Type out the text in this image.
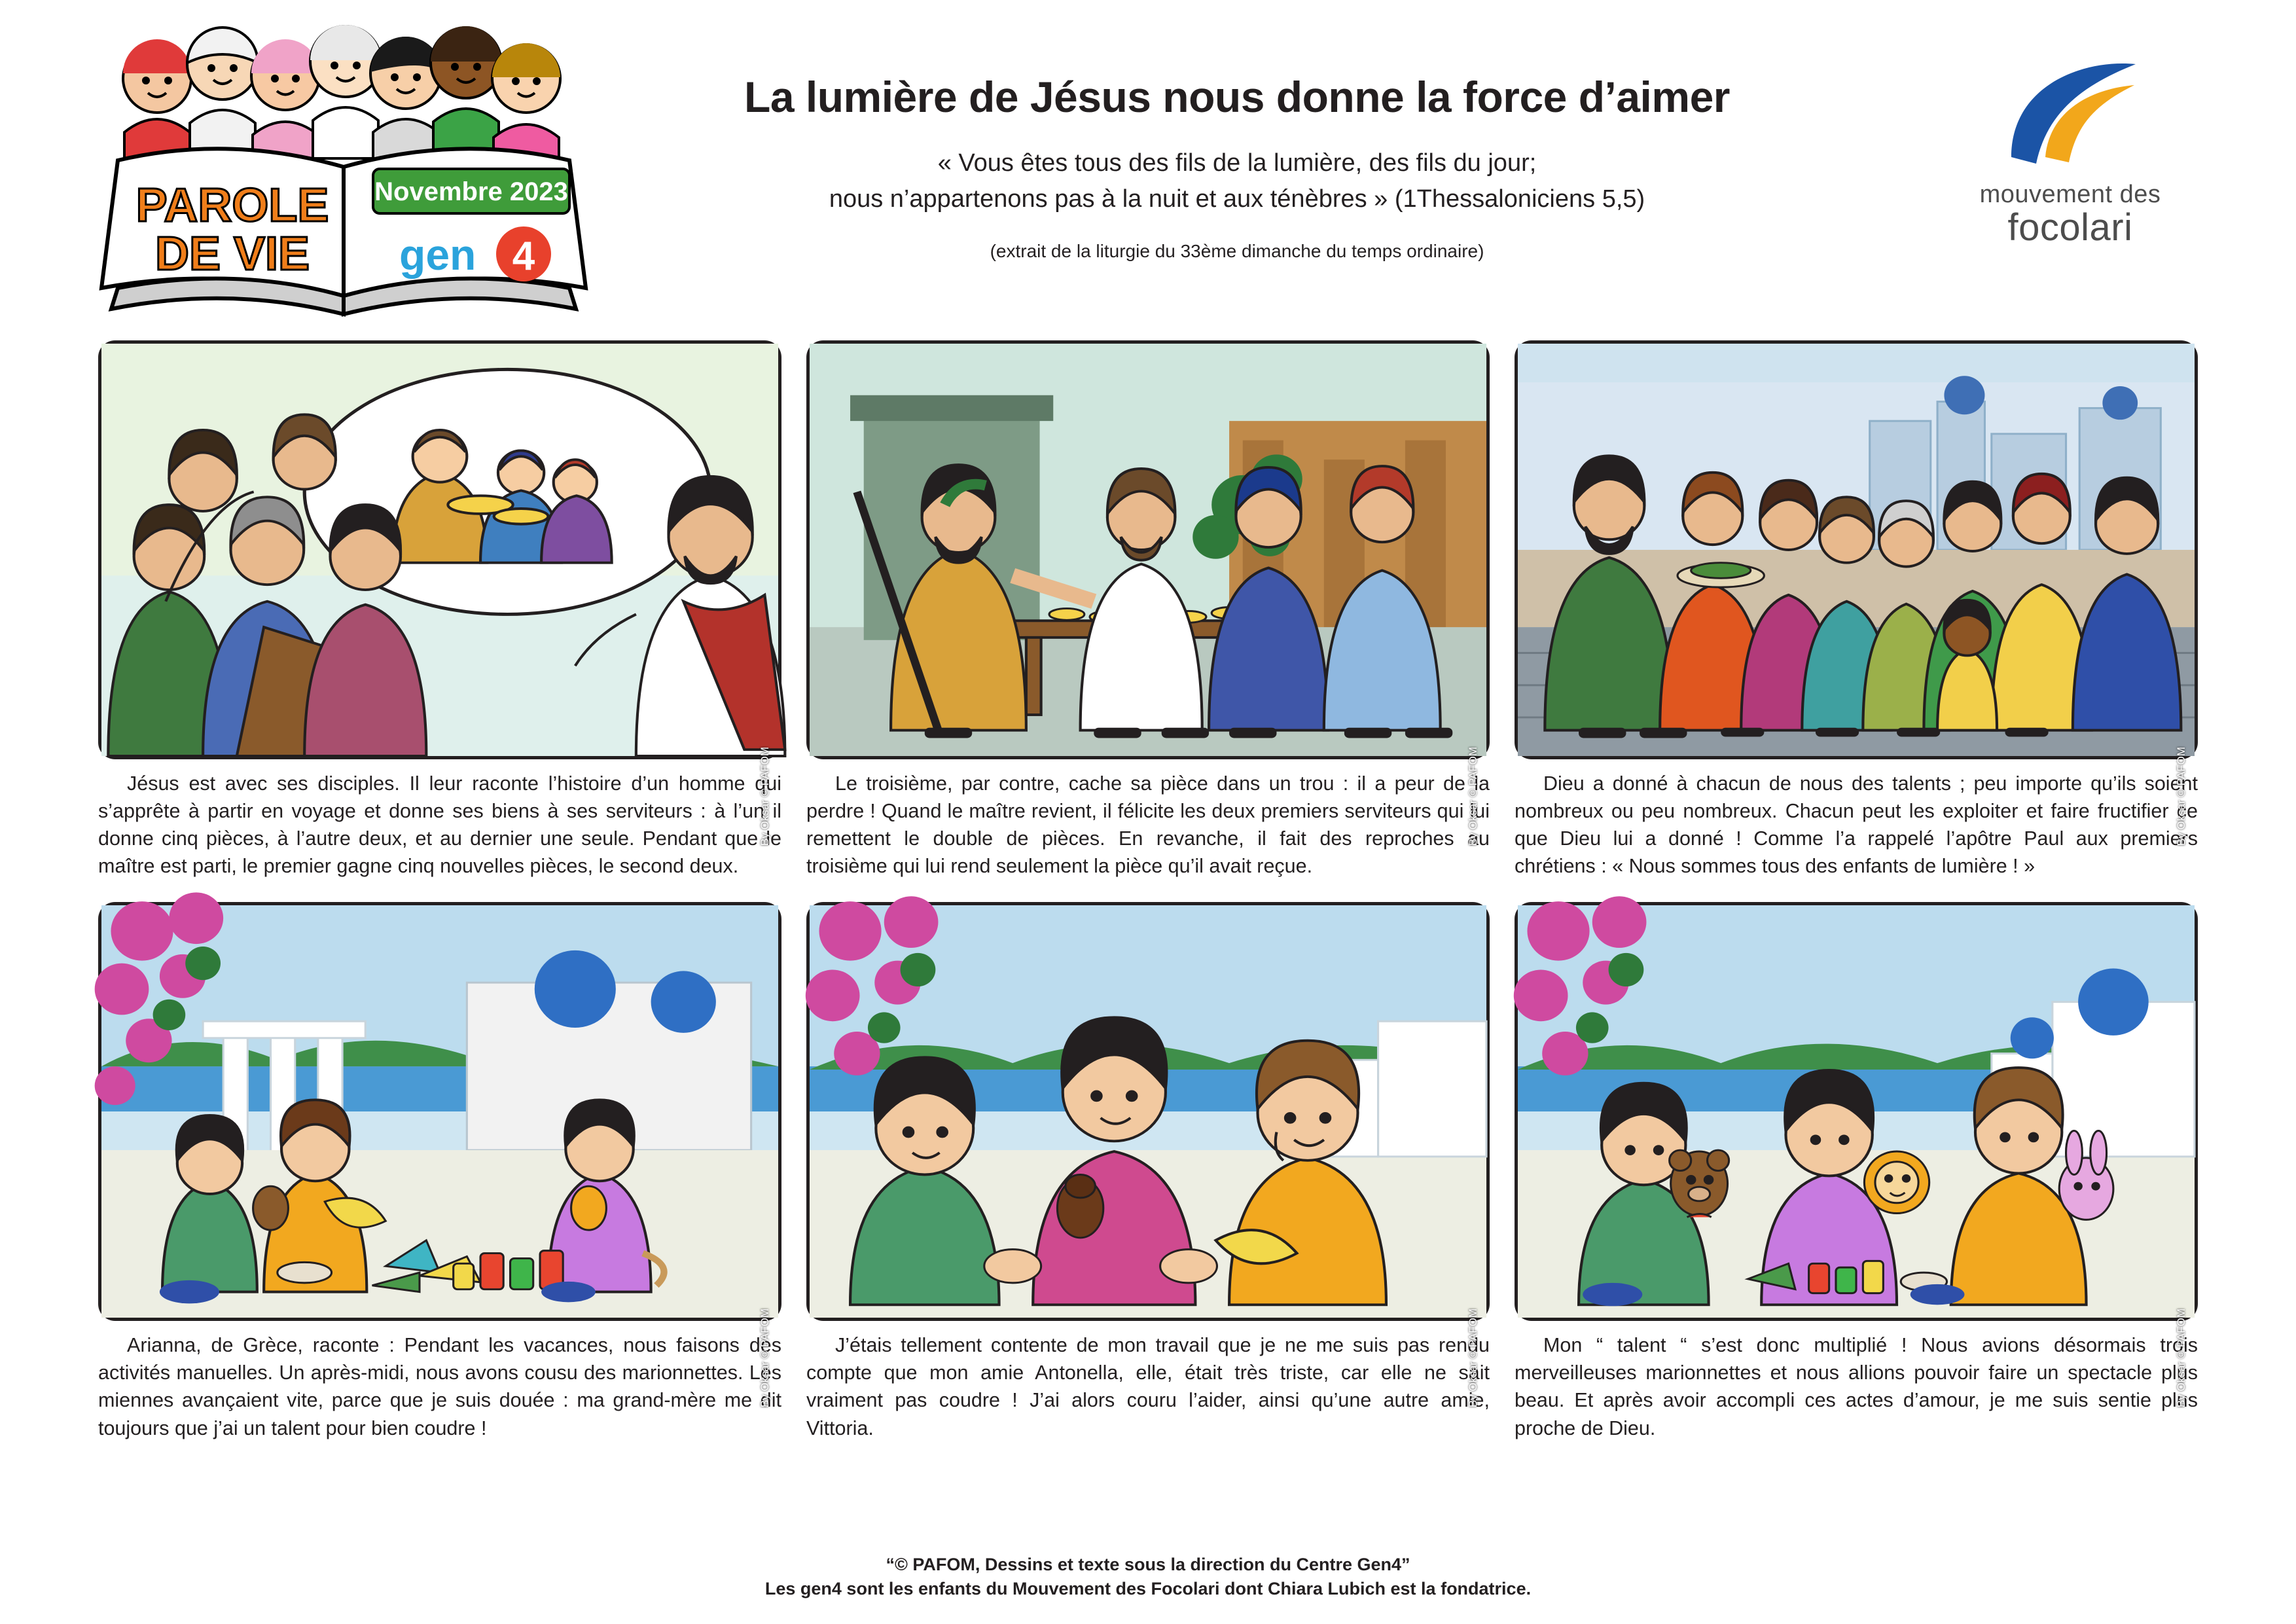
PAROLE
DE VIE
Novembre 2023
gen 4
La lumière de Jésus nous donne la force d’aimer
« Vous êtes tous des fils de la lumière, des fils du jour;
nous n’appartenons pas à la nuit et aux ténèbres » (1Thessaloniciens 5,5)
(extrait de la liturgie du 33ème dimanche du temps ordinaire)
mouvement des
focolari
By Oksar © PAFOM
Jésus est avec ses disciples. Il leur raconte l’histoire d’un homme qui s’apprête à partir en voyage et donne ses biens à ses serviteurs : à l’un il donne cinq pièces, à l’autre deux, et au dernier une seule. Pendant que le maître est parti, le premier gagne cinq nouvelles pièces, le second deux.
By Oksar © PAFOM
Le troisième, par contre, cache sa pièce dans un trou : il a peur de la perdre ! Quand le maître revient, il félicite les deux premiers serviteurs qui lui remettent le double de pièces. En revanche, il fait des reproches au troisième qui lui rend seulement la pièce qu’il avait reçue.
By Oksar © PAFOM
Dieu a donné à chacun de nous des talents ; peu importe qu’ils soient nombreux ou peu nombreux. Chacun peut les exploiter et faire fructifier ce que Dieu lui a donné ! Comme l’a rappelé l’apôtre Paul aux premiers chrétiens : « Nous sommes tous des enfants de lumière ! »
By Oksar © PAFOM
Arianna, de Grèce, raconte : Pendant les vacances, nous faisons des activités manuelles. Un après-midi, nous avons cousu des marionnettes. Les miennes avançaient vite, parce que je suis douée : ma grand-mère me dit toujours que j’ai un talent pour bien coudre !
By Oksar © PAFOM
J’étais tellement contente de mon travail que je ne me suis pas rendu compte que mon amie Antonella, elle, était très triste, car elle ne sait vraiment pas coudre ! J’ai alors couru l’aider, ainsi qu’une autre amie, Vittoria.
By Oksar © PAFOM
Mon “ talent “ s’est donc multiplié ! Nous avions désormais trois merveilleuses marionnettes et nous allions pouvoir faire un spectacle plus beau. Et après avoir accompli ces actes d’amour, je me suis sentie plus proche de Dieu.
“© PAFOM, Dessins et texte sous la direction du Centre Gen4”
Les gen4 sont les enfants du Mouvement des Focolari dont Chiara Lubich est la fondatrice.
